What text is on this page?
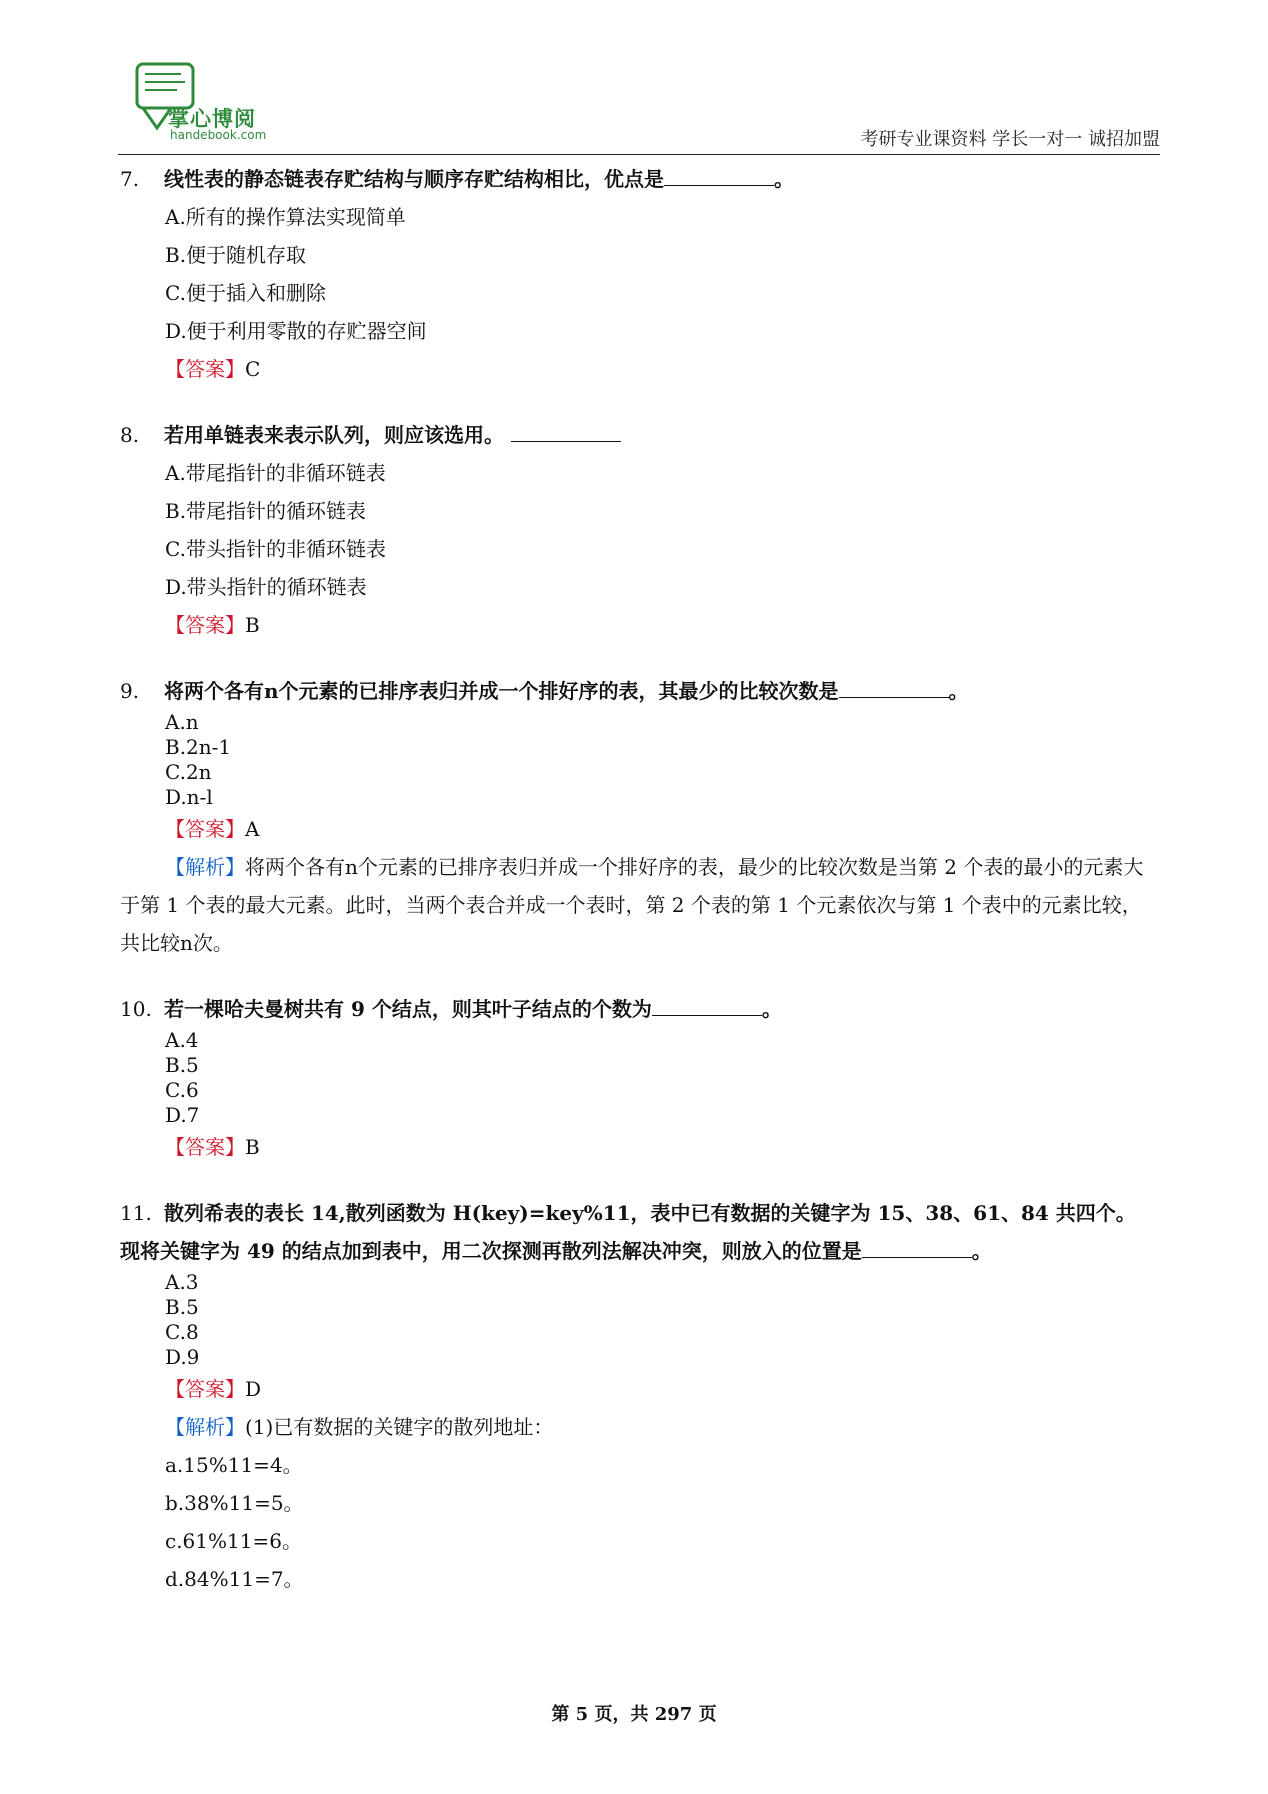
掌心博阅
handebook.com	考研专业课资料 学长一对一 诚招加盟
7. 线性表的静态链表存贮结构与顺序存贮结构相比，优点是	。
A.所有的操作算法实现简单
B.便于随机存取
C.便于插入和删除
D.便于利用零散的存贮器空间
【答案】C
8. 若用单链表来表示队列，则应该选用。
A.带尾指针的非循环链表
B.带尾指针的循环链表
C.带头指针的非循环链表
D.带头指针的循环链表
【答案】B
9. 将两个各有n个元素的已排序表归并成一个排好序的表，其最少的比较次数是	。
A.n
B.2n-1
C.2n
D.n-l
【答案】A
【解析】将两个各有n个元素的已排序表归并成一个排好序的表，最少的比较次数是当第 2 个表的最小的元素大于第 1 个表的最大元素。此时，当两个表合并成一个表时，第 2 个表的第 1 个元素依次与第 1 个表中的元素比较，共比较n次。
10. 若一棵哈夫曼树共有 9 个结点，则其叶子结点的个数为	。
A.4
B.5
C.6
D.7
【答案】B
11. 散列希表的表长 14,散列函数为 H(key)=key%11，表中已有数据的关键字为 15、38、61、84 共四个。
现将关键字为 49 的结点加到表中，用二次探测再散列法解决冲突，则放入的位置是	。
A.3
B.5
C.8
D.9
【答案】D
【解析】(1)已有数据的关键字的散列地址：
a.15%11=4。
b.38%11=5。
c.61%11=6。
d.84%11=7。
第 5 页，共 297 页
